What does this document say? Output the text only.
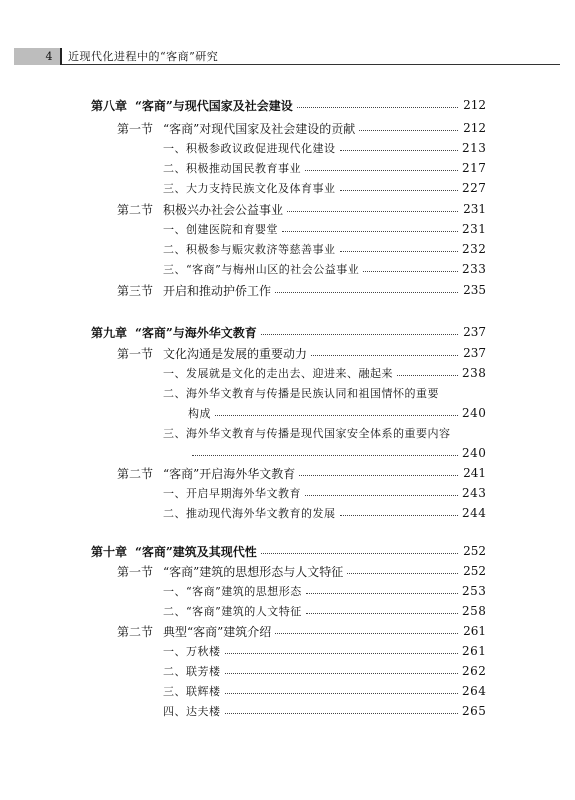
4	近现代化进程中的“客商”研究
第八章 “客商”与现代国家及社会建设	212
第一节 “客商”对现代国家及社会建设的贡献	212
一、积极参政议政促进现代化建设	213
二、积极推动国民教育事业	217
三、大力支持民族文化及体育事业	227
第二节 积极兴办社会公益事业	231
一、创建医院和育婴堂	231
二、积极参与赈灾救济等慈善事业	232
三、“客商”与梅州山区的社会公益事业	233
第三节 开启和推动护侨工作	235
第九章 “客商”与海外华文教育	237
第一节 文化沟通是发展的重要动力	237
一、发展就是文化的走出去、迎进来、融起来	238
二、海外华文教育与传播是民族认同和祖国情怀的重要
构成	240
三、海外华文教育与传播是现代国家安全体系的重要内容
240
第二节 “客商”开启海外华文教育	241
一、开启早期海外华文教育	243
二、推动现代海外华文教育的发展	244
第十章 “客商”建筑及其现代性	252
第一节 “客商”建筑的思想形态与人文特征	252
一、“客商”建筑的思想形态	253
二、“客商”建筑的人文特征	258
第二节 典型“客商”建筑介绍	261
一、万秋楼	261
二、联芳楼	262
三、联辉楼	264
四、达夫楼	265
